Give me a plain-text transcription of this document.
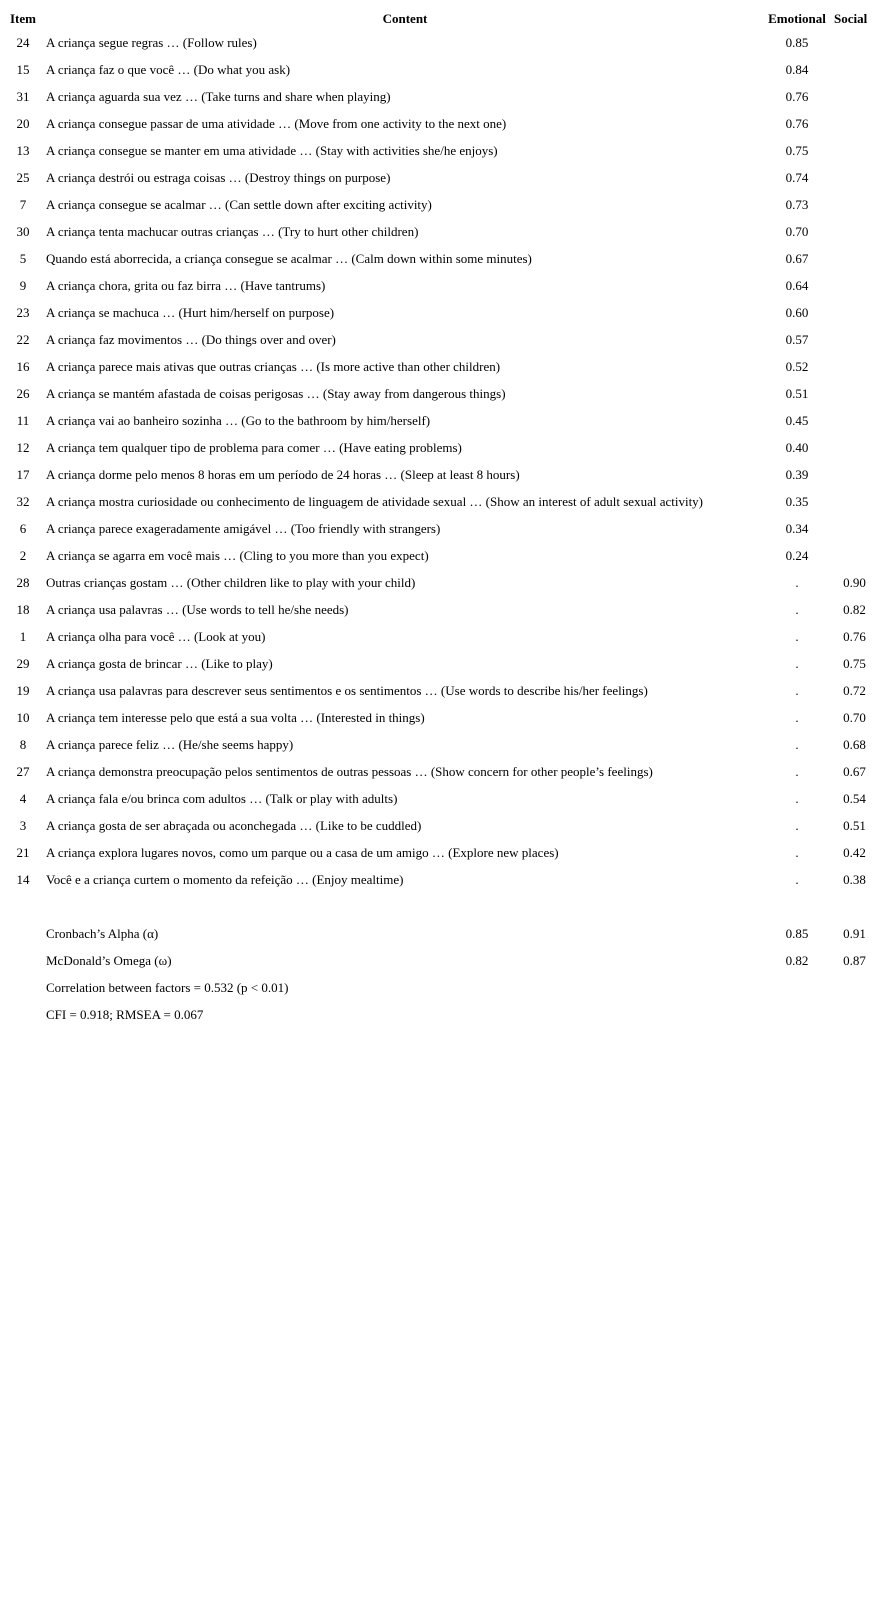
Item	Content	Emotional	Social
24	A criança segue regras … (Follow rules)	0.85	
15	A criança faz o que você … (Do what you ask)	0.84	
31	A criança aguarda sua vez … (Take turns and share when playing)	0.76	
20	A criança consegue passar de uma atividade … (Move from one activity to the next one)	0.76	
13	A criança consegue se manter em uma atividade … (Stay with activities she/he enjoys)	0.75	
25	A criança destrói ou estraga coisas … (Destroy things on purpose)	0.74	
7	A criança consegue se acalmar … (Can settle down after exciting activity)	0.73	
30	A criança tenta machucar outras crianças … (Try to hurt other children)	0.70	
5	Quando está aborrecida, a criança consegue se acalmar … (Calm down within some minutes)	0.67	
9	A criança chora, grita ou faz birra … (Have tantrums)	0.64	
23	A criança se machuca … (Hurt him/herself on purpose)	0.60	
22	A criança faz movimentos … (Do things over and over)	0.57	
16	A criança parece mais ativas que outras crianças … (Is more active than other children)	0.52	
26	A criança se mantém afastada de coisas perigosas … (Stay away from dangerous things)	0.51	
11	A criança vai ao banheiro sozinha … (Go to the bathroom by him/herself)	0.45	
12	A criança tem qualquer tipo de problema para comer … (Have eating problems)	0.40	
17	A criança dorme pelo menos 8 horas em um período de 24 horas … (Sleep at least 8 hours)	0.39	
32	A criança mostra curiosidade ou conhecimento de linguagem de atividade sexual … (Show an interest of adult sexual activity)	0.35	
6	A criança parece exageradamente amigável … (Too friendly with strangers)	0.34	
2	A criança se agarra em você mais … (Cling to you more than you expect)	0.24	
28	Outras crianças gostam … (Other children like to play with your child)	.	0.90
18	A criança usa palavras … (Use words to tell he/she needs)	.	0.82
1	A criança olha para você … (Look at you)	.	0.76
29	A criança gosta de brincar … (Like to play)	.	0.75
19	A criança usa palavras para descrever seus sentimentos e os sentimentos … (Use words to describe his/her feelings)	.	0.72
10	A criança tem interesse pelo que está a sua volta … (Interested in things)	.	0.70
8	A criança parece feliz … (He/she seems happy)	.	0.68
27	A criança demonstra preocupação pelos sentimentos de outras pessoas … (Show concern for other people’s feelings)	.	0.67
4	A criança fala e/ou brinca com adultos … (Talk or play with adults)	.	0.54
3	A criança gosta de ser abraçada ou aconchegada … (Like to be cuddled)	.	0.51
21	A criança explora lugares novos, como um parque ou a casa de um amigo … (Explore new places)	.	0.42
14	Você e a criança curtem o momento da refeição … (Enjoy mealtime)	.	0.38

	Cronbach’s Alpha (α)	0.85	0.91
	McDonald’s Omega (ω)	0.82	0.87
	Correlation between factors = 0.532 (p < 0.01)		
	CFI = 0.918; RMSEA = 0.067		
